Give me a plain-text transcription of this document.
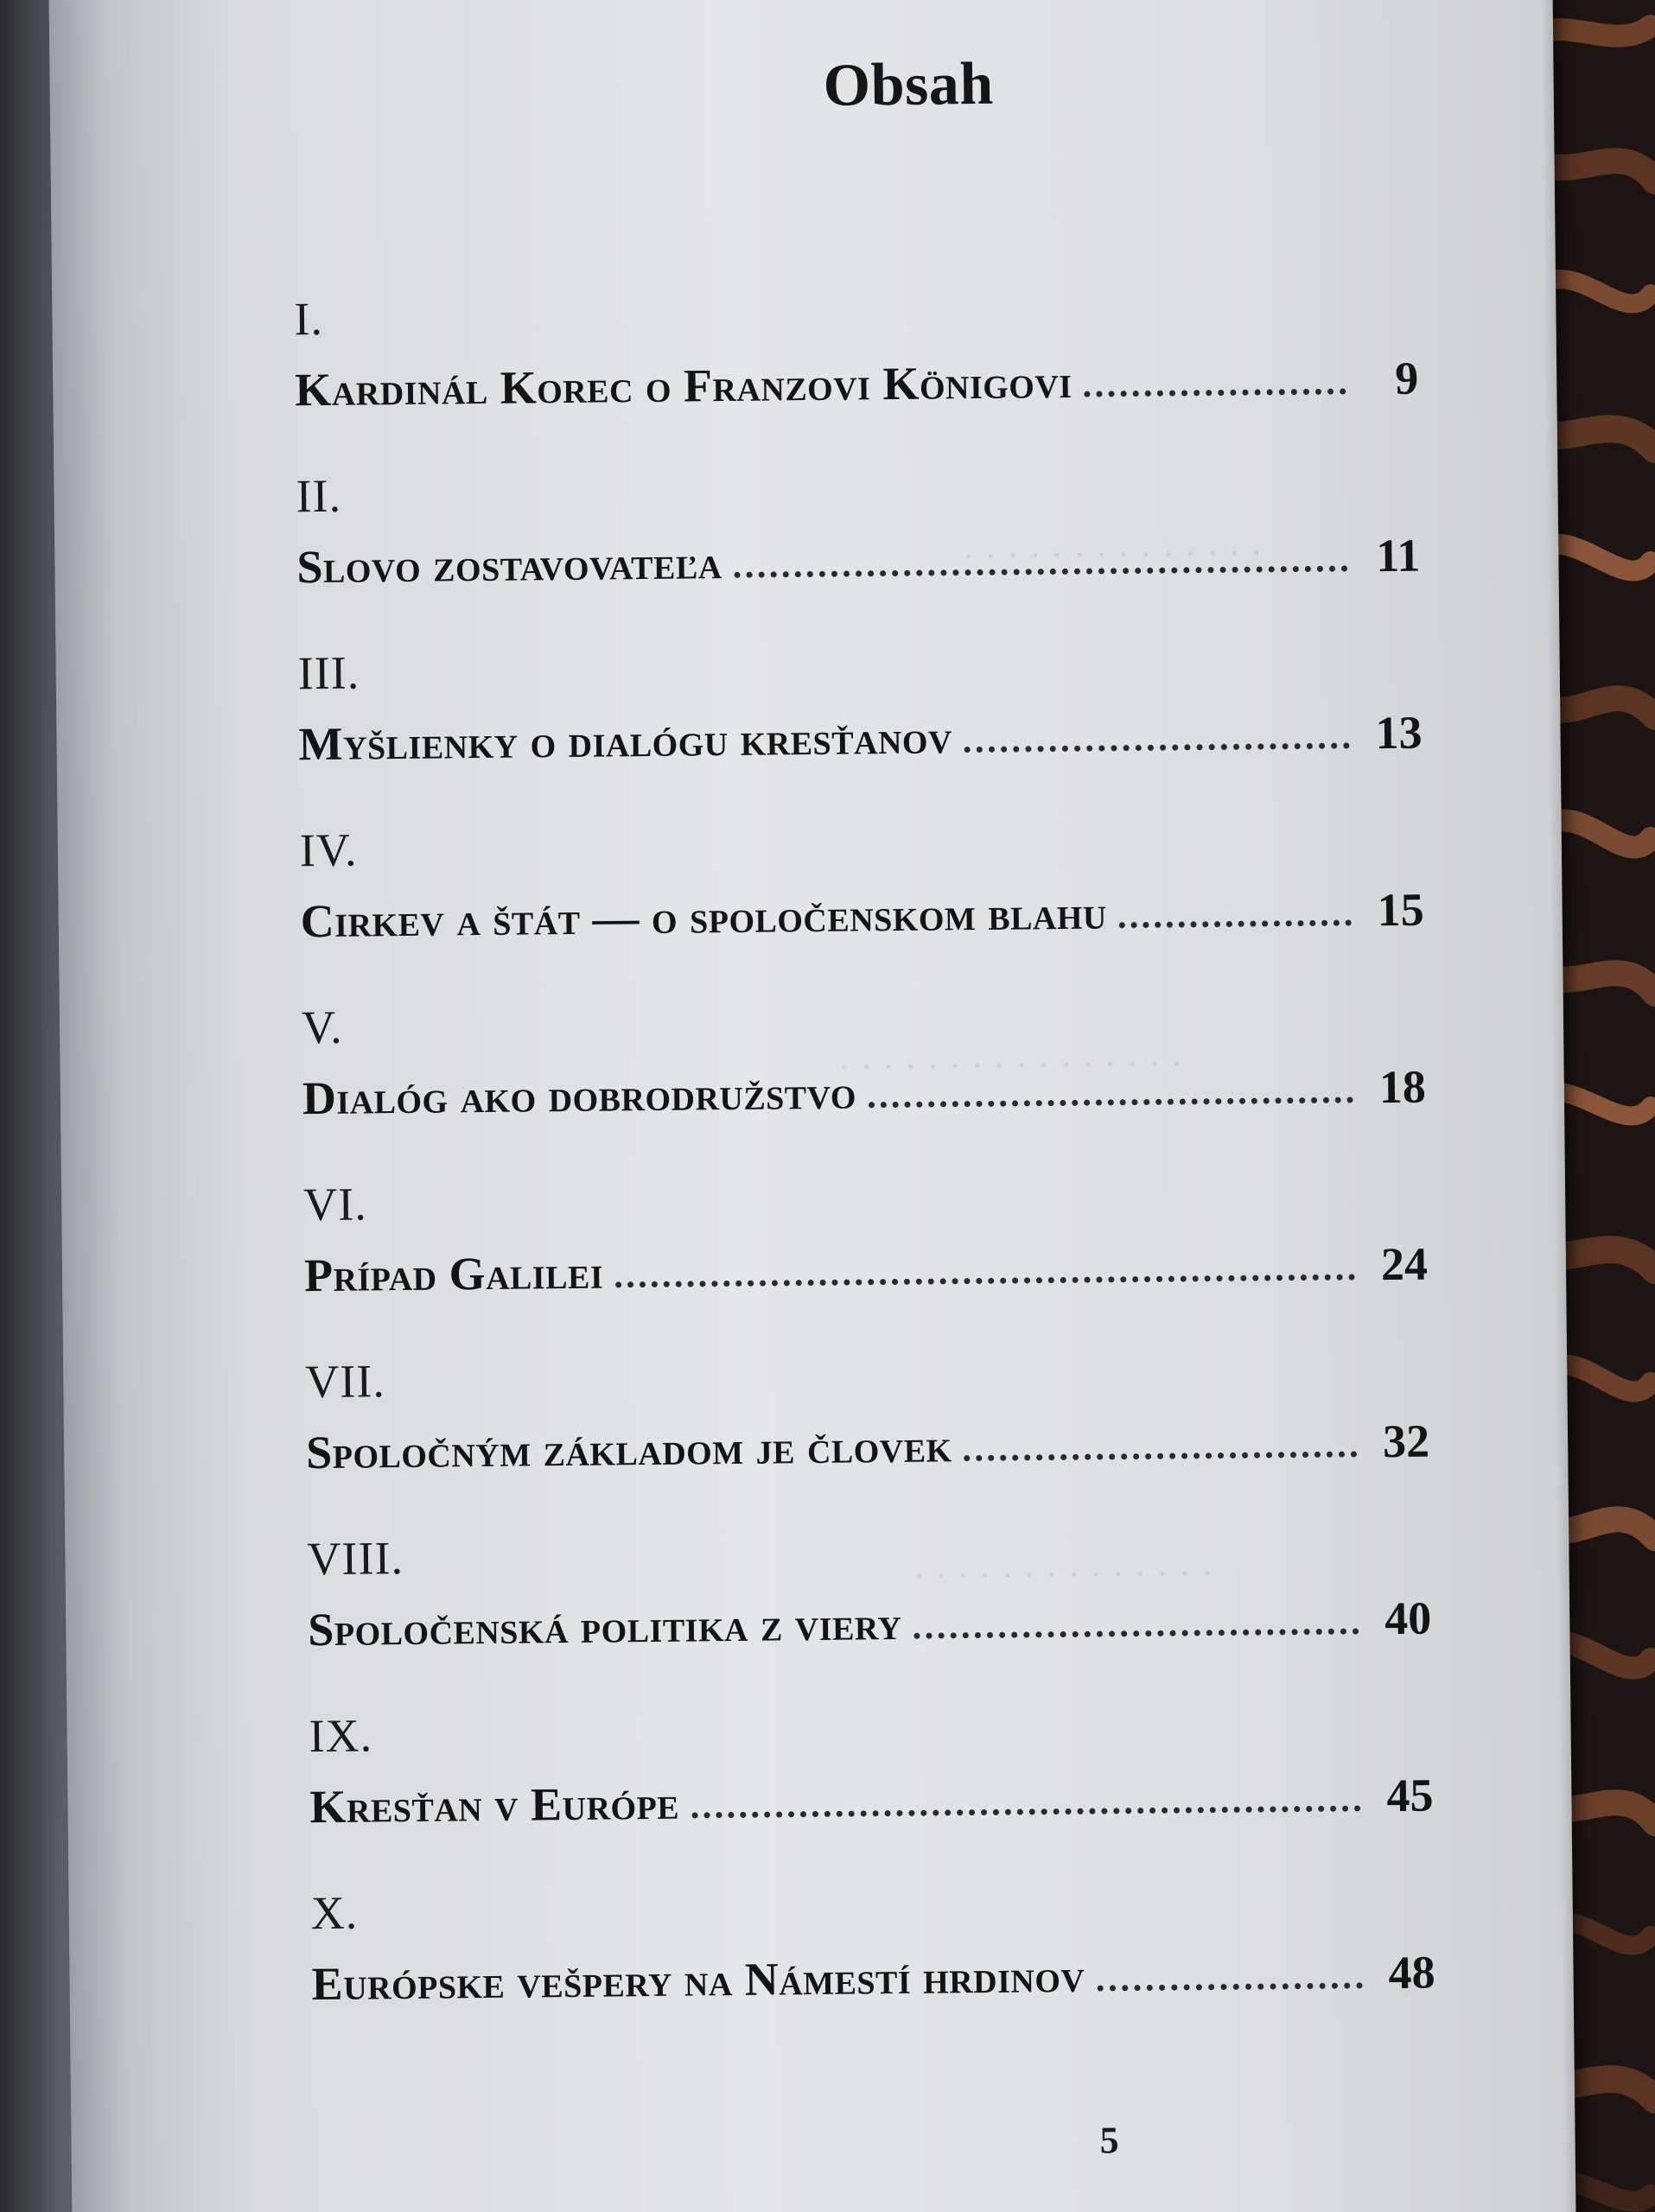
· · · · · · · · · · · · · ·
· · · · · · · · · · · · · · · ·
· · · · · · · · · · · · · ·
Obsah
I.
Kardinál Korec o Franzovi Königovi	9
II.
Slovo zostavovateľa	11
III.
Myšlienky o dialógu kresťanov	13
IV.
Cirkev a štát — o spoločenskom blahu	15
V.
Dialóg ako dobrodružstvo	18
VI.
Prípad Galilei	24
VII.
Spoločným základom je človek	32
VIII.
Spoločenská politika z viery	40
IX.
Kresťan v Európe	45
X.
Európske vešpery na Námestí hrdinov	48
5
